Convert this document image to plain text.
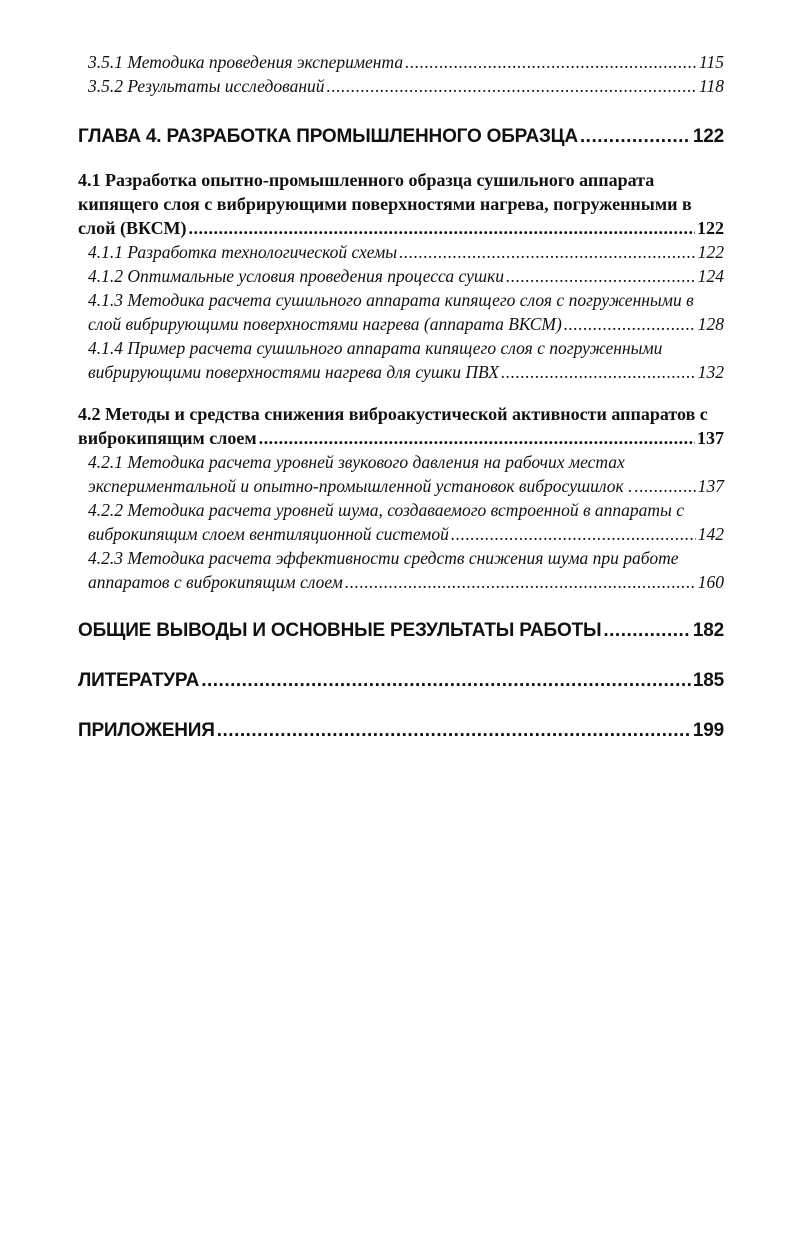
3.5.1 Методика проведения эксперимента .....	115
3.5.2 Результаты исследований .....	118
ГЛАВА 4. РАЗРАБОТКА ПРОМЫШЛЕННОГО ОБРАЗЦА .....	122
4.1 Разработка опытно-промышленного образца сушильного аппарата
кипящего слоя с вибрирующими поверхностями нагрева, погруженными в
слой (ВКСМ) .....	122
4.1.1 Разработка технологической схемы .....	122
4.1.2 Оптимальные условия проведения процесса сушки .....	124
4.1.3 Методика расчета сушильного аппарата кипящего слоя с погруженными в
слой вибрирующими поверхностями нагрева (аппарата ВКСМ) .....	128
4.1.4 Пример расчета сушильного аппарата кипящего слоя с погруженными
вибрирующими поверхностями нагрева для сушки ПВХ .....	132
4.2 Методы и средства снижения виброакустической активности аппаратов с
виброкипящим слоем .....	137
4.2.1 Методика расчета уровней звукового давления на рабочих местах
экспериментальной и опытно-промышленной установок вибросушилок . .....	137
4.2.2 Методика расчета уровней шума, создаваемого встроенной в аппараты с
виброкипящим слоем вентиляционной системой .....	142
4.2.3 Методика расчета эффективности средств снижения шума при работе
аппаратов с виброкипящим слоем .....	160
ОБЩИЕ ВЫВОДЫ И ОСНОВНЫЕ РЕЗУЛЬТАТЫ РАБОТЫ .....	182
ЛИТЕРАТУРА .....	185
ПРИЛОЖЕНИЯ .....	199
